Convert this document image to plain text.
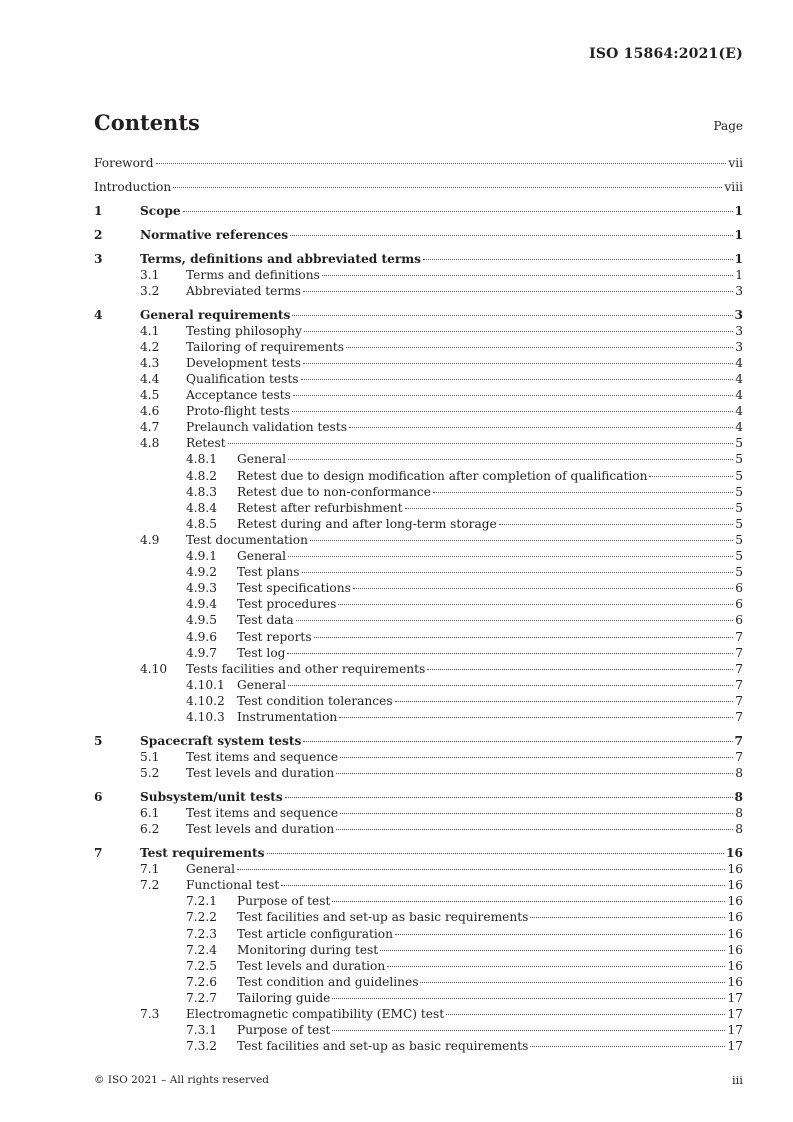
ISO 15864:2021(E)
Contents	Page
Foreword	vii
Introduction	viii
1	Scope	1
2	Normative references	1
3	Terms, definitions and abbreviated terms	1
3.1 Terms and definitions	1
3.2 Abbreviated terms	3
4	General requirements	3
4.1 Testing philosophy	3
4.2 Tailoring of requirements	3
4.3 Development tests	4
4.4 Qualification tests	4
4.5 Acceptance tests	4
4.6 Proto-flight tests	4
4.7 Prelaunch validation tests	4
4.8 Retest	5
4.8.1 General	5
4.8.2 Retest due to design modification after completion of qualification	5
4.8.3 Retest due to non-conformance	5
4.8.4 Retest after refurbishment	5
4.8.5 Retest during and after long-term storage	5
4.9 Test documentation	5
4.9.1 General	5
4.9.2 Test plans	5
4.9.3 Test specifications	6
4.9.4 Test procedures	6
4.9.5 Test data	6
4.9.6 Test reports	7
4.9.7 Test log	7
4.10 Tests facilities and other requirements	7
4.10.1 General	7
4.10.2 Test condition tolerances	7
4.10.3 Instrumentation	7
5	Spacecraft system tests	7
5.1 Test items and sequence	7
5.2 Test levels and duration	8
6	Subsystem/unit tests	8
6.1 Test items and sequence	8
6.2 Test levels and duration	8
7	Test requirements	16
7.1 General	16
7.2 Functional test	16
7.2.1 Purpose of test	16
7.2.2 Test facilities and set-up as basic requirements	16
7.2.3 Test article configuration	16
7.2.4 Monitoring during test	16
7.2.5 Test levels and duration	16
7.2.6 Test condition and guidelines	16
7.2.7 Tailoring guide	17
7.3 Electromagnetic compatibility (EMC) test	17
7.3.1 Purpose of test	17
7.3.2 Test facilities and set-up as basic requirements	17
© ISO 2021 – All rights reserved	iii
